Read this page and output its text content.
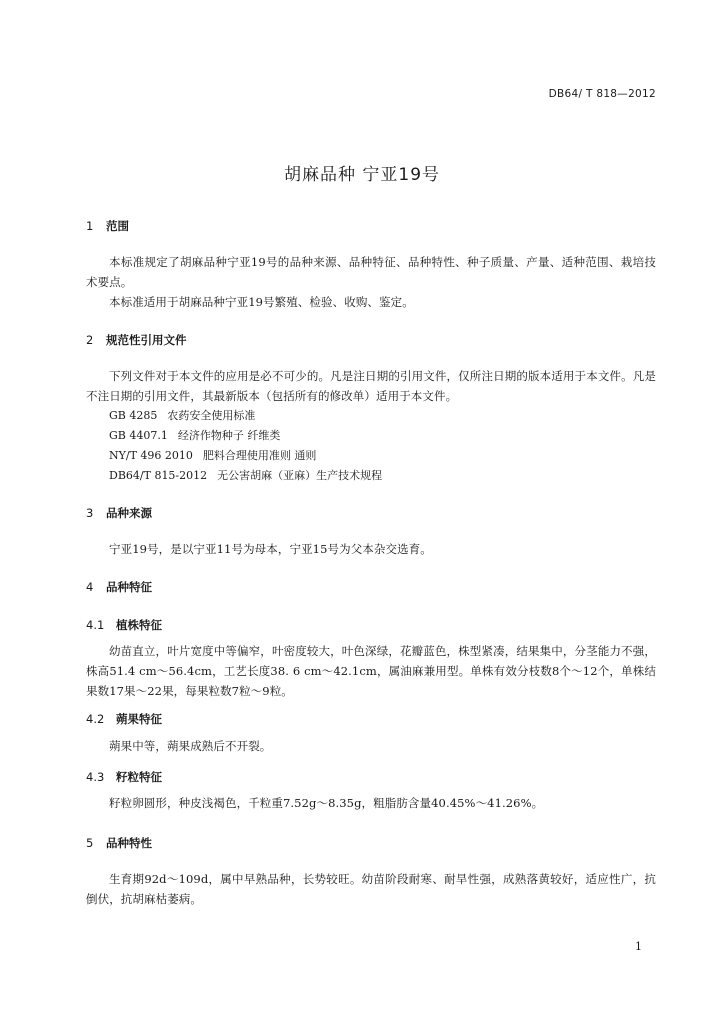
DB64/ T 818—2012
胡麻品种 宁亚19号
1 范围
本标准规定了胡麻品种宁亚19号的品种来源、品种特征、品种特性、种子质量、产量、适种范围、栽培技术要点。
本标准适用于胡麻品种宁亚19号繁殖、检验、收购、鉴定。
2 规范性引用文件
下列文件对于本文件的应用是必不可少的。凡是注日期的引用文件，仅所注日期的版本适用于本文件。凡是不注日期的引用文件，其最新版本（包括所有的修改单）适用于本文件。
GB 4285 农药安全使用标准
GB 4407.1 经济作物种子 纤维类
NY/T 496 2010 肥料合理使用准则 通则
DB64/T 815-2012 无公害胡麻（亚麻）生产技术规程
3 品种来源
宁亚19号，是以宁亚11号为母本，宁亚15号为父本杂交选育。
4 品种特征
4.1 植株特征
幼苗直立，叶片宽度中等偏窄，叶密度较大，叶色深绿，花瓣蓝色，株型紧凑，结果集中，分茎能力不强，株高51.4 cm～56.4cm，工艺长度38. 6 cm～42.1cm，属油麻兼用型。单株有效分枝数8个～12个，单株结果数17果～22果，每果粒数7粒～9粒。
4.2 蒴果特征
蒴果中等，蒴果成熟后不开裂。
4.3 籽粒特征
籽粒卵圆形，种皮浅褐色，千粒重7.52g～8.35g，粗脂肪含量40.45%～41.26%。
5 品种特性
生育期92d～109d，属中早熟品种，长势较旺。幼苗阶段耐寒、耐旱性强，成熟落黄较好，适应性广，抗倒伏，抗胡麻枯萎病。
1
